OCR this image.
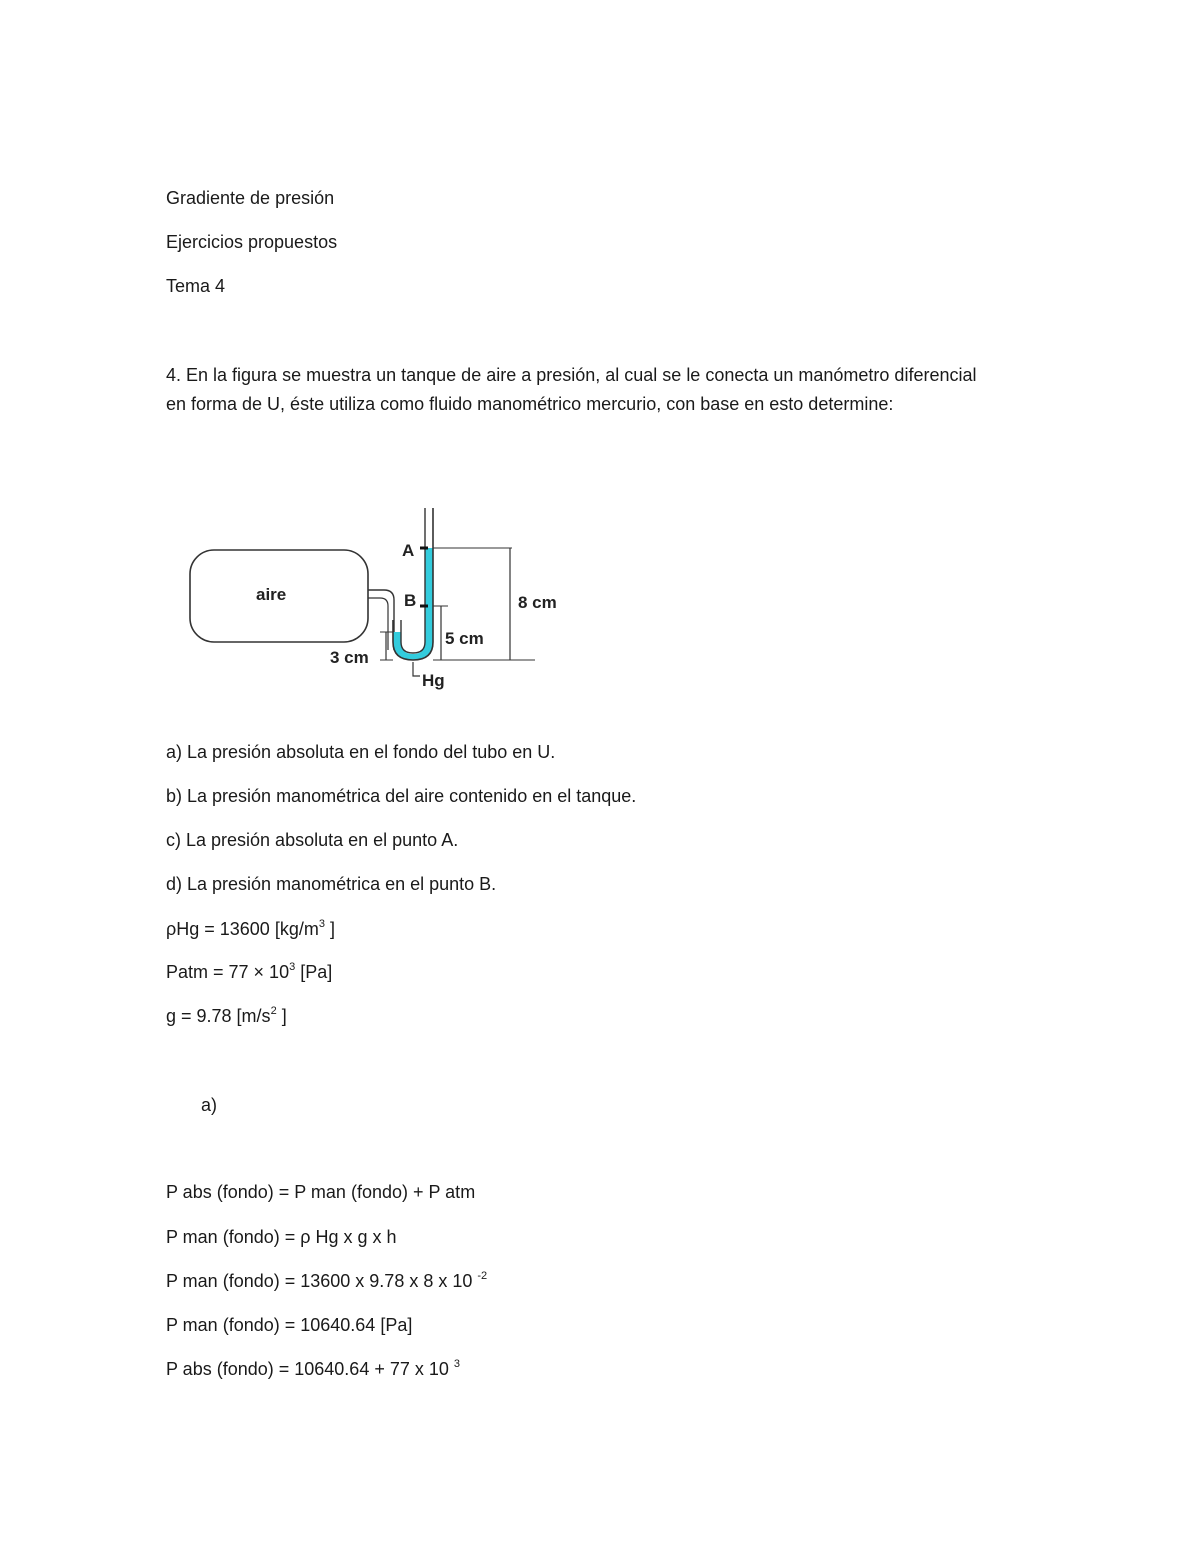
Gradiente de presión
Ejercicios propuestos
Tema 4
4. En la figura se muestra un tanque de aire a presión, al cual se le conecta un manómetro diferencial en forma de U, éste utiliza como fluido manométrico mercurio, con base en esto determine:
aire
A
B	8 cm
5 cm
3 cm
Hg
a) La presión absoluta en el fondo del tubo en U.
b) La presión manométrica del aire contenido en el tanque.
c) La presión absoluta en el punto A.
d) La presión manométrica en el punto B.
ρHg = 13600 [$kg/m^3$ ]
Patm = $77 \times 10^3$ [Pa]
g = 9.78 [$m/s^2$ ]
a)
P abs (fondo) = P man (fondo) + P atm
P man (fondo) = ρ Hg x g x h
P man (fondo) = 13600 x 9.78 x 8 x 10 $^{-2}$
P man (fondo) = 10640.64 [Pa]
P abs (fondo) = 10640.64 + 77 x 10 $^3$
